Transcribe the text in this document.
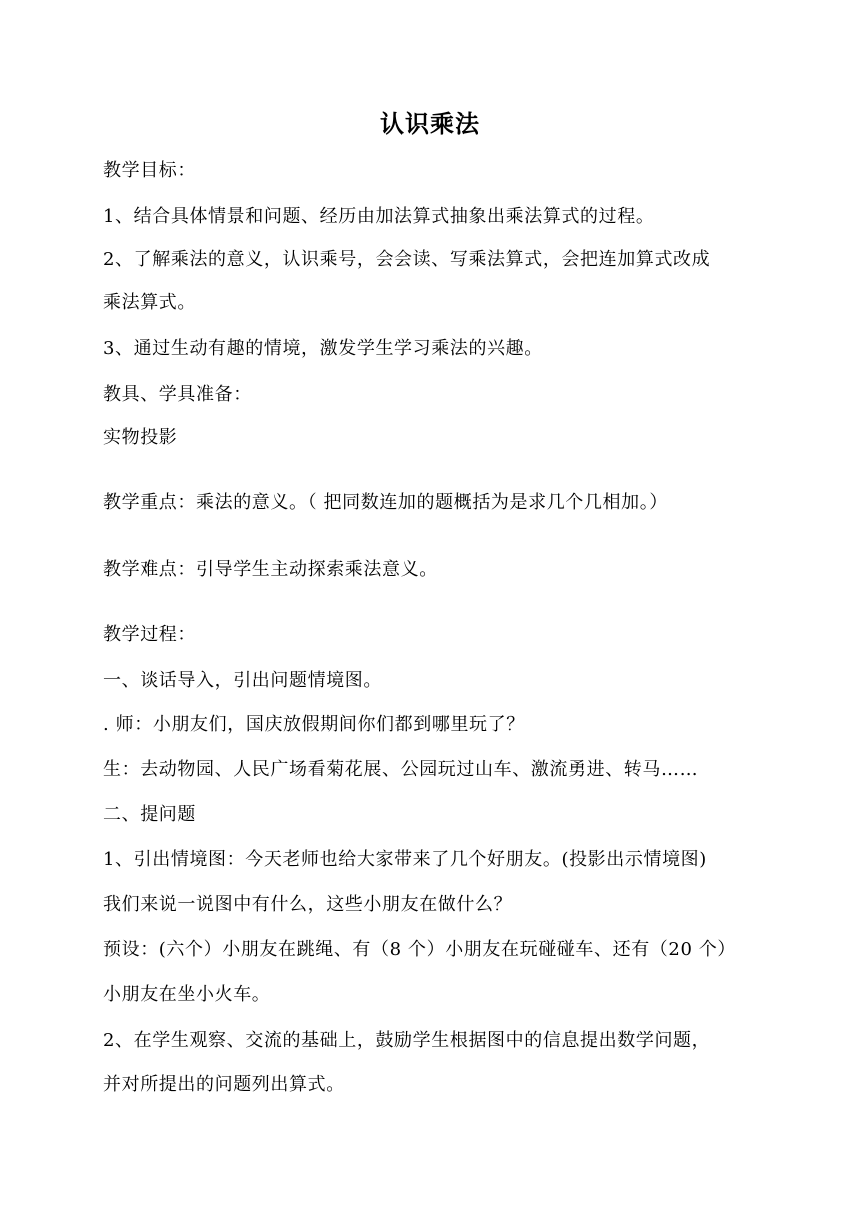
认识乘法
教学目标：
1、结合具体情景和问题、经历由加法算式抽象出乘法算式的过程。
2、了解乘法的意义，认识乘号，会会读、写乘法算式，会把连加算式改成
乘法算式。
3、通过生动有趣的情境，激发学生学习乘法的兴趣。
教具、学具准备：
实物投影
教学重点：乘法的意义。（ 把同数连加的题概括为是求几个几相加。）
教学难点：引导学生主动探索乘法意义。
教学过程：
一、谈话导入，引出问题情境图。
. 师：小朋友们，国庆放假期间你们都到哪里玩了？
生：去动物园、人民广场看菊花展、公园玩过山车、激流勇进、转马……
二、提问题
1、引出情境图：今天老师也给大家带来了几个好朋友。(投影出示情境图)
我们来说一说图中有什么，这些小朋友在做什么？
预设：(六个）小朋友在跳绳、有（8 个）小朋友在玩碰碰车、还有（20 个）
小朋友在坐小火车。
2、在学生观察、交流的基础上，鼓励学生根据图中的信息提出数学问题，
并对所提出的问题列出算式。
